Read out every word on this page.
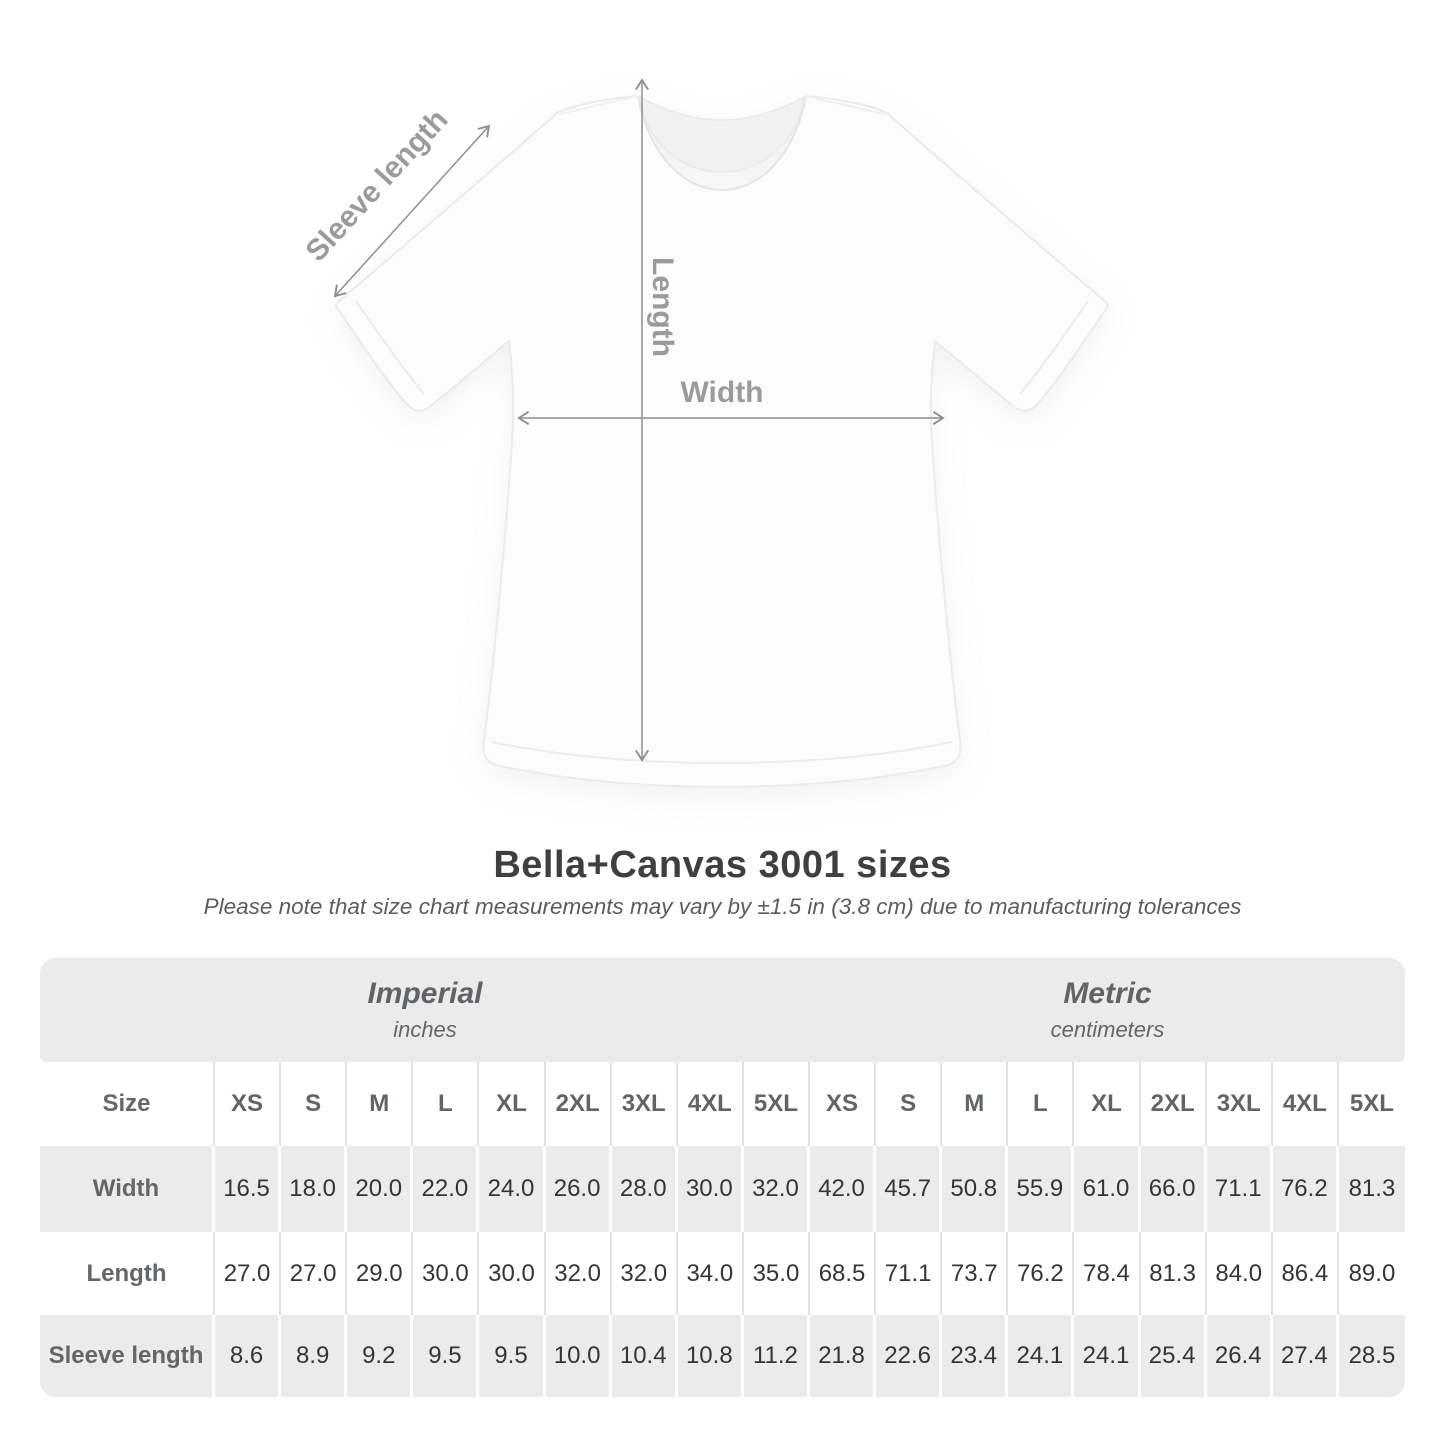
Sleeve length
Length
Width
Bella+Canvas 3001 sizes
Please note that size chart measurements may vary by ±1.5 in (3.8 cm) due to manufacturing tolerances
Imperial
inches
Metric
centimeters
Size	XS	S	M	L	XL	2XL 3XL 4XL 5XL	XS	S	M	L	XL	2XL 3XL 4XL 5XL
Width	16.5 18.0 20.0 22.0 24.0 26.0 28.0 30.0 32.0 42.0 45.7 50.8 55.9 61.0 66.0 71.1 76.2 81.3
Length	27.0 27.0 29.0 30.0 30.0 32.0 32.0 34.0 35.0 68.5 71.1 73.7 76.2 78.4 81.3 84.0 86.4 89.0
Sleeve length	8.6	8.9	9.2	9.5	9.5	10.0 10.4 10.8 11.2 21.8 22.6 23.4 24.1 24.1 25.4 26.4 27.4 28.5
